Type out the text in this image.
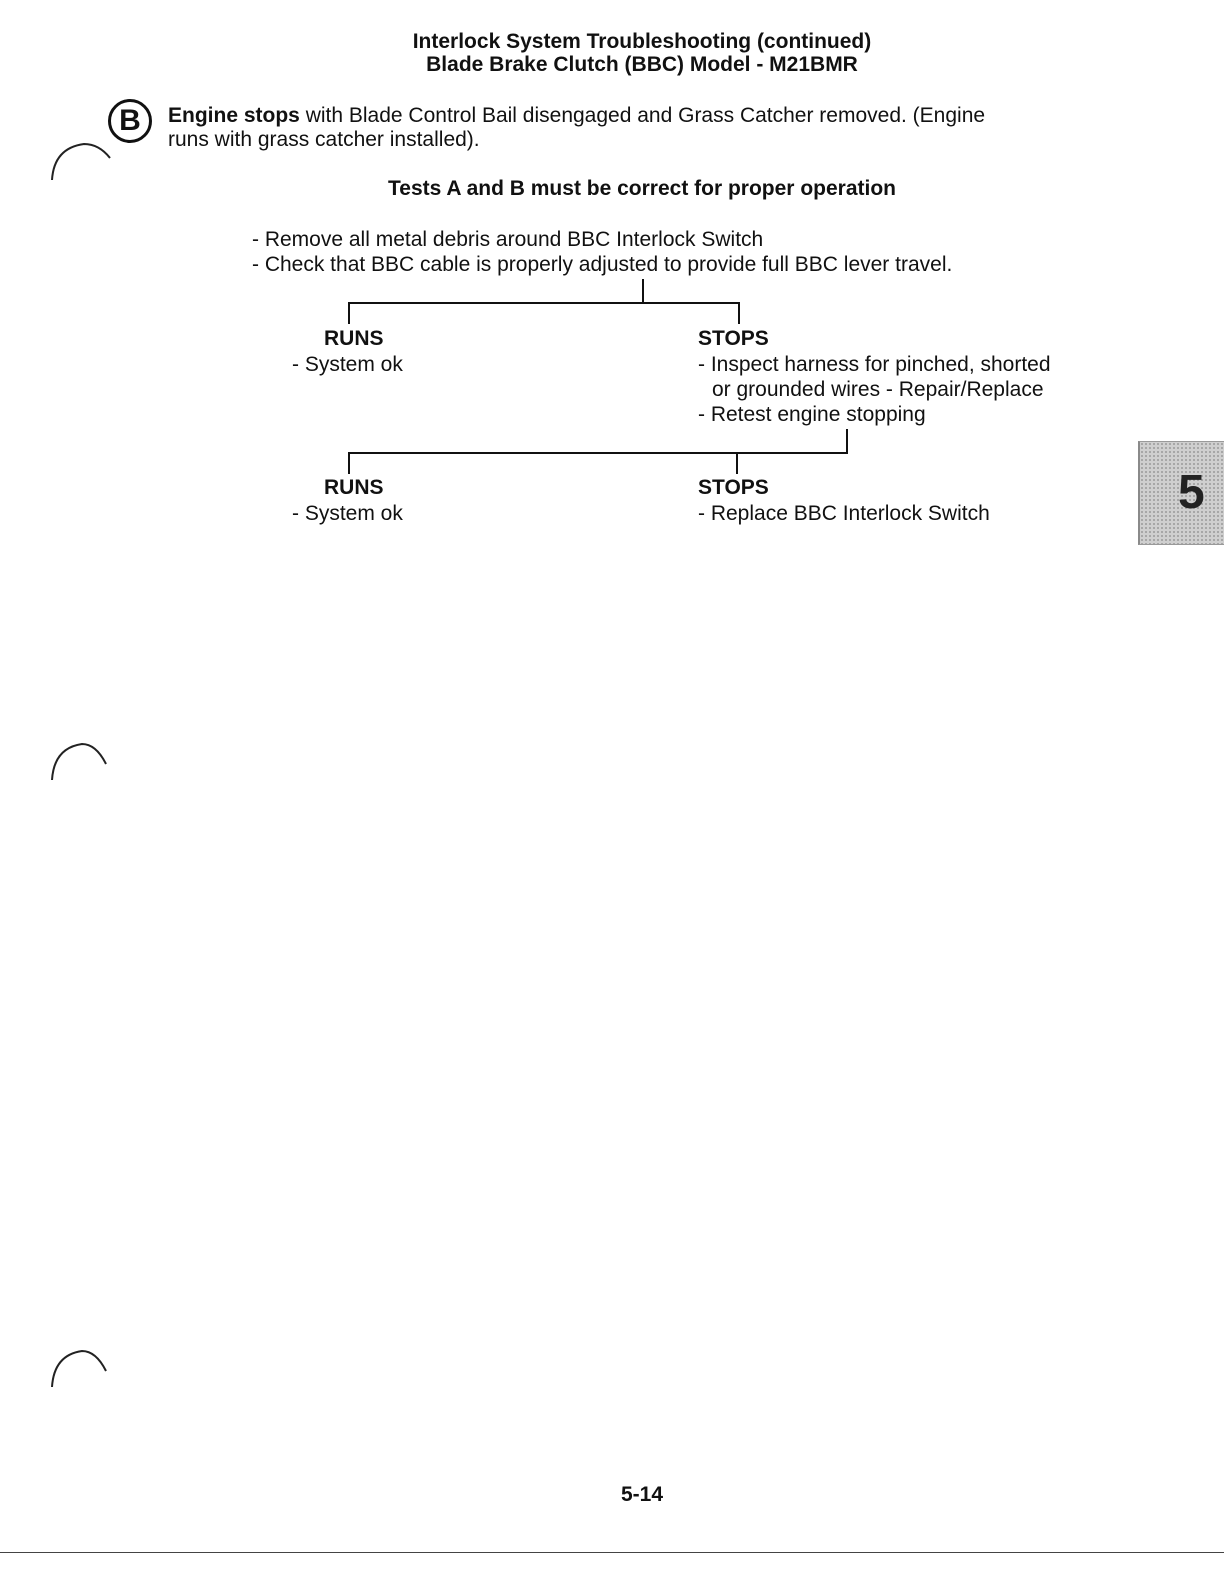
Interlock System Troubleshooting (continued)
Blade Brake Clutch (BBC) Model - M21BMR
B	Engine stops with Blade Control Bail disengaged and Grass Catcher removed. (Engine
runs with grass catcher installed).
Tests A and B must be correct for proper operation
- Remove all metal debris around BBC Interlock Switch
- Check that BBC cable is properly adjusted to provide full BBC lever travel.
RUNS
- System ok
STOPS
- Inspect harness for pinched, shorted
or grounded wires - Repair/Replace
- Retest engine stopping
RUNS
- System ok
STOPS
- Replace BBC Interlock Switch	5
5-14
